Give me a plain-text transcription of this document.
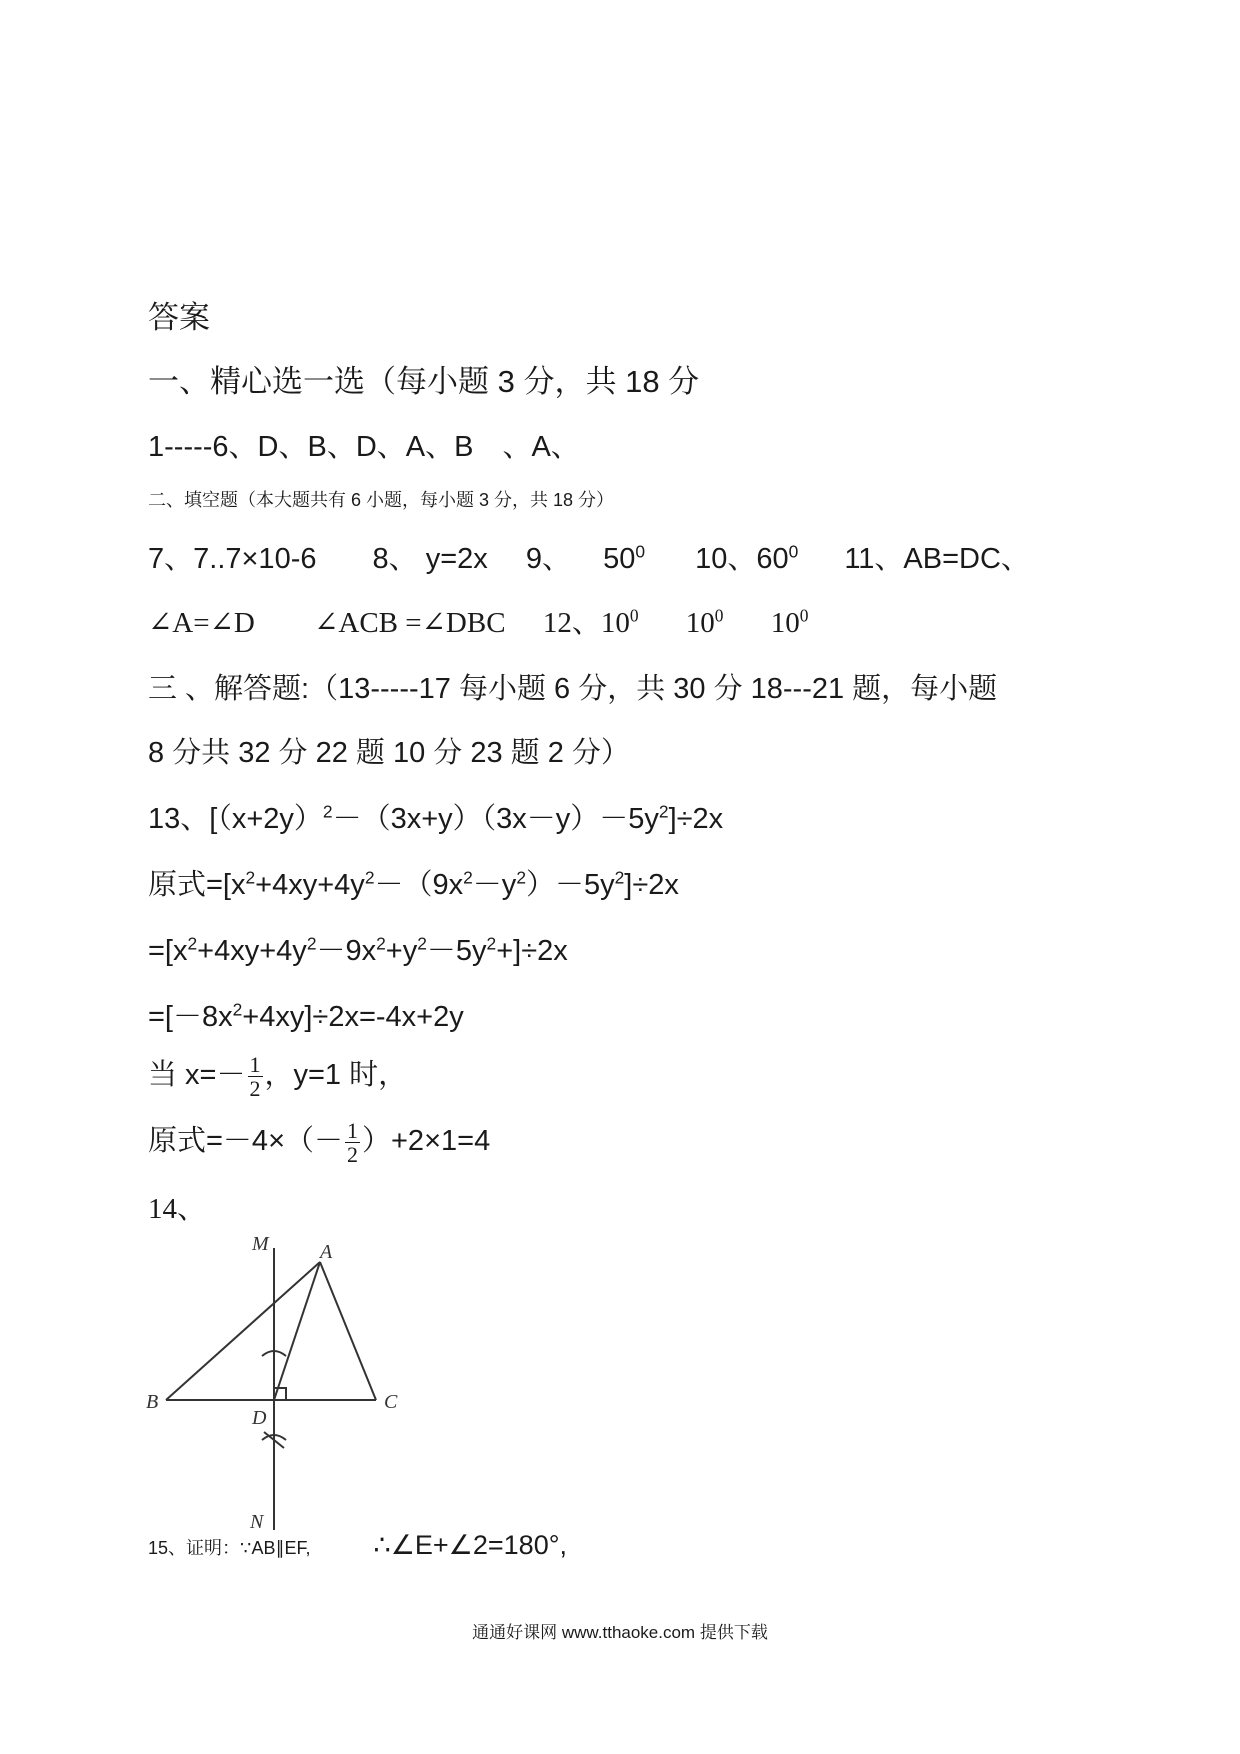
答案
一、精心选一选（每小题 3 分，共 18 分
1-----6、D、B、D、A、B　、A、
二、填空题（本大题共有 6 小题，每小题 3 分，共 18 分）
7、7..7×10-6 8、 y=2x 9、 $50^0$ 10、$60^0$ 11、AB=DC、
∠A=∠D ∠ACB =∠DBC 12、$10^0$ $10^0$ $10^0$
三 、解答题:（13-----17 每小题 6 分，共 30 分 18---21 题，每小题
8 分共 32 分 22 题 10 分 23 题 2 分）
13、$[(x+2y)^2-(3x+y)(3x-y)-5y^2]\div 2x$
原式$=[x^2+4xy+4y^2-(9x^2-y^2)-5y^2]\div 2x$
$=[x^2+4xy+4y^2-9x^2+y^2-5y^2+]\div 2x$
$=[-8x^2+4xy]\div 2x=-4x+2y$
当 $x=- \frac{1}{2}$ ，y=1 时，
原式$=-4\times(- \frac{1}{2} )+2\times 1=4$
14、
M	A
B	C
D
N
15、证明：∵AB∥EF, ∴∠E+∠2=180°,
通通好课网 www.tthaoke.com 提供下载
